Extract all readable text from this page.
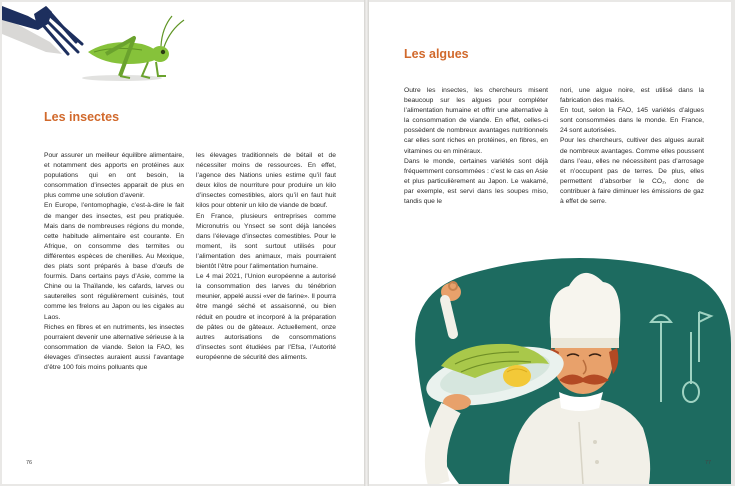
Les insectes

Pour assurer un meilleur équilibre alimentaire, et notamment des apports en protéines aux populations qui en ont besoin, la consommation d’insectes apparait de plus en plus comme une solution d’avenir.

En Europe, l’entomophagie, c’est-à-dire le fait de manger des insectes, est peu pratiquée. Mais dans de nombreuses régions du monde, cette habitude alimentaire est courante. En Afrique, on consomme des termites ou différentes espèces de chenilles. Au Mexique, des plats sont préparés à base d’œufs de fourmis. Dans certains pays d’Asie, comme la Chine ou la Thaïlande, les cafards, larves ou sauterelles sont régulièrement cuisinés, tout comme les frelons au Japon ou les cigales au Laos.

Riches en fibres et en nutriments, les insectes pourraient devenir une alternative sérieuse à la consommation de viande. Selon la FAO, les élevages d’insectes auraient aussi l’avantage d’être 100 fois moins polluants que

les élevages traditionnels de bétail et de nécessiter moins de ressources. En effet, l’agence des Nations unies estime qu’il faut deux kilos de nourriture pour produire un kilo d’insectes comestibles, alors qu’il en faut huit kilos pour obtenir un kilo de viande de bœuf.

En France, plusieurs entreprises comme Micronutris ou Ynsect se sont déjà lancées dans l’élevage d’insectes comestibles. Pour le moment, ils sont surtout utilisés pour l’alimentation des animaux, mais pourraient bientôt l’être pour l’alimentation humaine.

Le 4 mai 2021, l’Union européenne a autorisé la consommation des larves du ténébrion meunier, appelé aussi «ver de farine». Il pourra être mangé séché et assaisonné, ou bien réduit en poudre et incorporé à la préparation de pâtes ou de gâteaux. Actuellement, onze autres autorisations de consommations d’insectes sont étudiées par l’Efsa, l’Autorité européenne de sécurité des aliments.

76
Les algues

Outre les insectes, les chercheurs misent beaucoup sur les algues pour compléter l’alimentation humaine et offrir une alternative à la consommation de viande. En effet, celles-ci possèdent de nombreux avantages nutritionnels car elles sont riches en protéines, en fibres, en vitamines ou en minéraux.

Dans le monde, certaines variétés sont déjà fréquemment consommées : c’est le cas en Asie et plus particulièrement au Japon. Le wakamé, par exemple, est servi dans les soupes miso, tandis que le

nori, une algue noire, est utilisé dans la fabrication des makis.

En tout, selon la FAO, 145 variétés d’algues sont consommées dans le monde. En France, 24 sont autorisées.

Pour les chercheurs, cultiver des algues aurait de nombreux avantages. Comme elles poussent dans l’eau, elles ne nécessitent pas d’arrosage et n’occupent pas de terres. De plus, elles permettent d’absorber le CO₂, donc de contribuer à faire diminuer les émissions de gaz à effet de serre.

77
